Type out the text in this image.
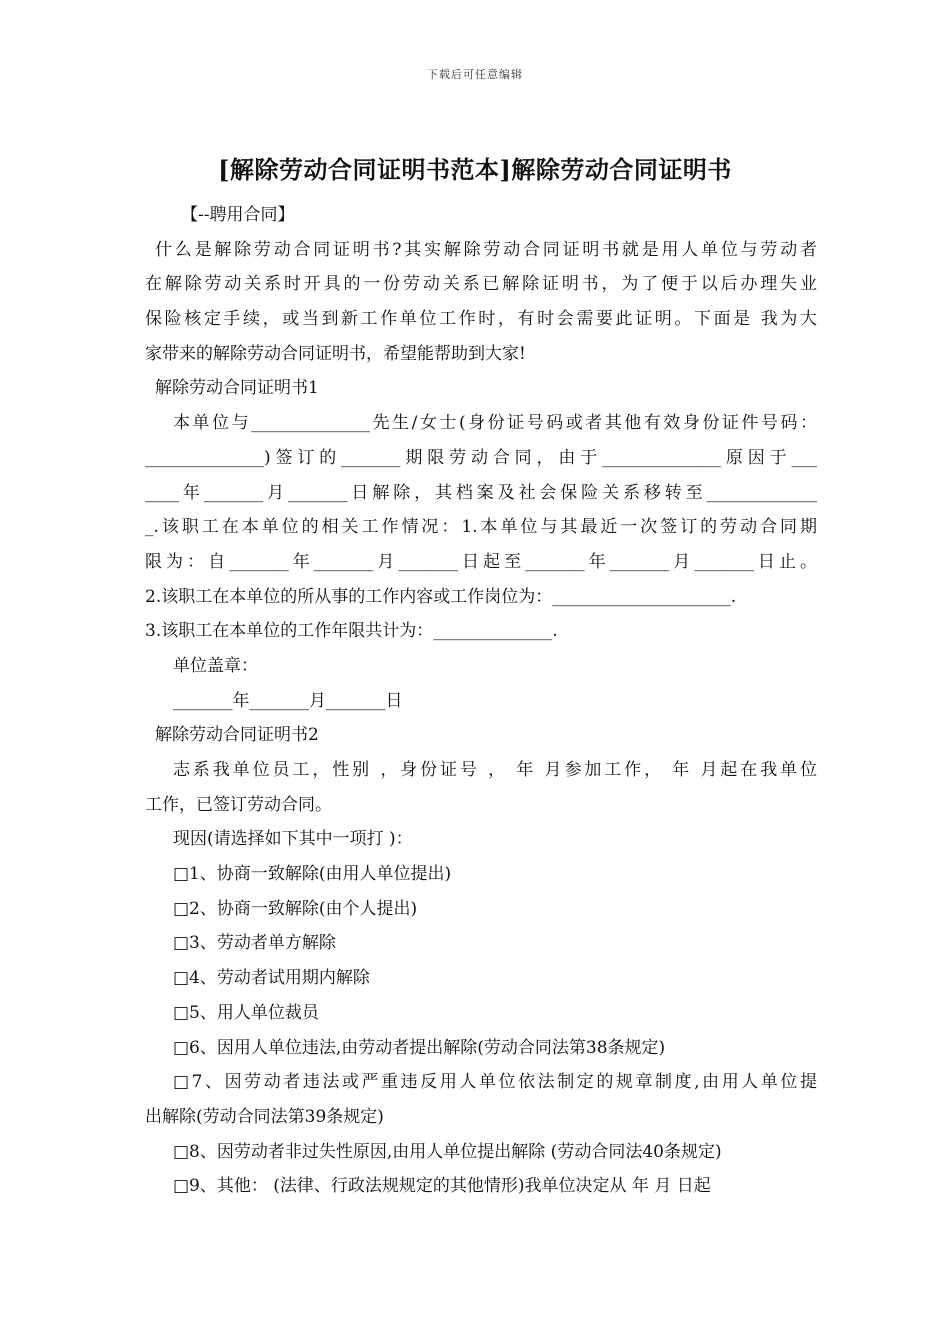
下载后可任意编辑
[解除劳动合同证明书范本]解除劳动合同证明书
【--聘用合同】
什么是解除劳动合同证明书?其实解除劳动合同证明书就是用人单位与劳动者
在解除劳动关系时开具的一份劳动关系已解除证明书，为了便于以后办理失业
保险核定手续，或当到新工作单位工作时，有时会需要此证明。下面是 我为大
家带来的解除劳动合同证明书，希望能帮助到大家!
解除劳动合同证明书1
本单位与______________先生/女士(身份证号码或者其他有效身份证件号码：
______________)签订的_______期限劳动合同，由于______________原因于___
____年_______月_______日解除，其档案及社会保险关系移转至_____________
_.该职工在本单位的相关工作情况：1.本单位与其最近一次签订的劳动合同期
限为：自_______年_______月_______日起至_______年_______月_______日止。
2.该职工在本单位的所从事的工作内容或工作岗位为：_____________________.
3.该职工在本单位的工作年限共计为：______________.
单位盖章：
_______年_______月_______日
解除劳动合同证明书2
志系我单位员工，性别 ，身份证号 ， 年 月参加工作， 年 月起在我单位
工作，已签订劳动合同。
现因(请选择如下其中一项打 )：
□1、协商一致解除(由用人单位提出)
□2、协商一致解除(由个人提出)
□3、劳动者单方解除
□4、劳动者试用期内解除
□5、用人单位裁员
□6、因用人单位违法,由劳动者提出解除(劳动合同法第38条规定)
□7、因劳动者违法或严重违反用人单位依法制定的规章制度,由用人单位提
出解除(劳动合同法第39条规定)
□8、因劳动者非过失性原因,由用人单位提出解除 (劳动合同法40条规定)
□9、其他： (法律、行政法规规定的其他情形)我单位决定从 年 月 日起
